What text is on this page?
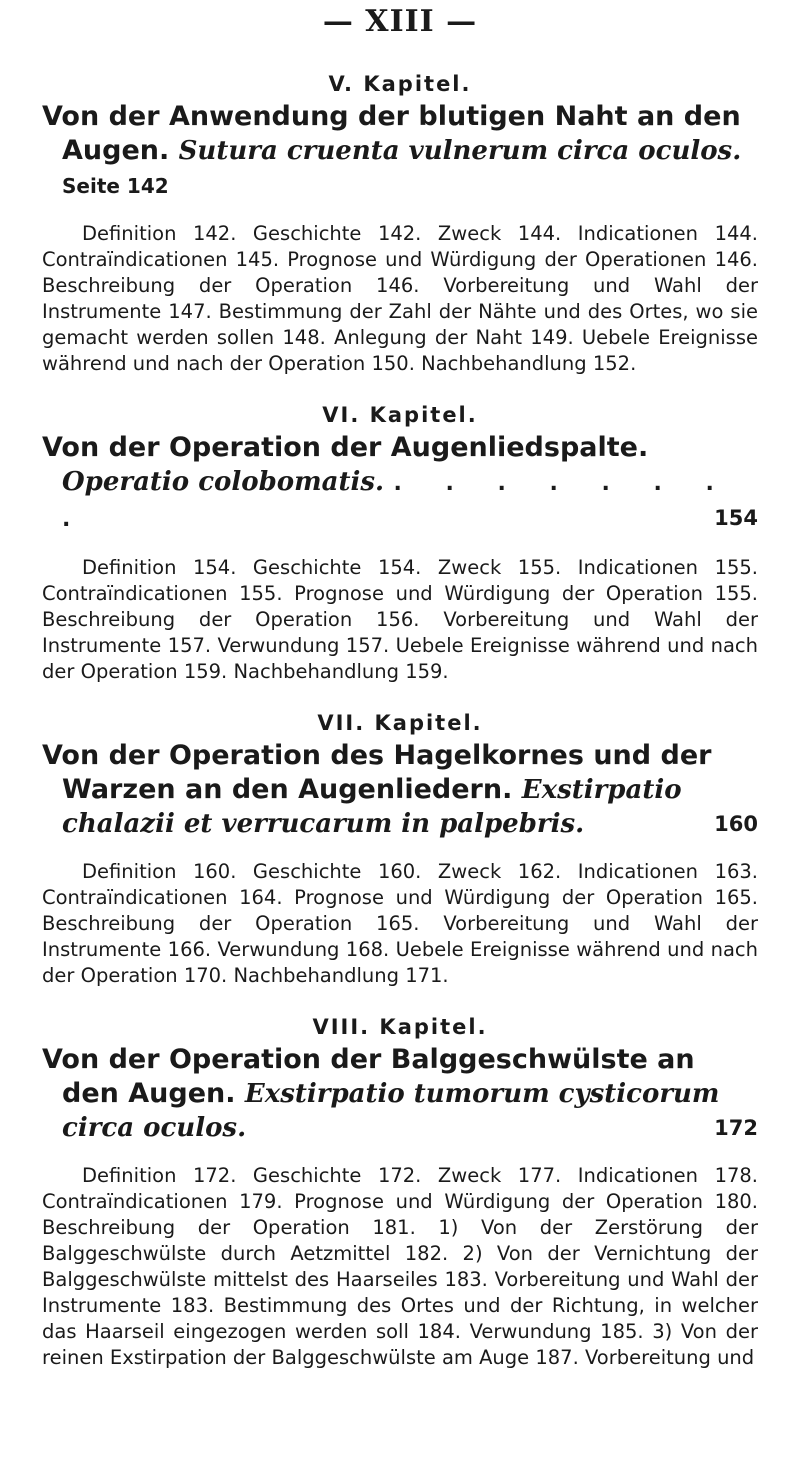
— XIII —
V. Kapitel.

Von der Anwendung der blutigen Naht an den Augen. Sutura cruenta vulnerum circa oculos. Seite 142

Definition 142. Geschichte 142. Zweck 144. Indicationen 144. Contraïndicationen 145. Prognose und Würdigung der Operationen 146. Beschreibung der Operation 146. Vorbereitung und Wahl der Instrumente 147. Bestimmung der Zahl der Nähte und des Ortes, wo sie gemacht werden sollen 148. Anlegung der Naht 149. Uebele Ereignisse während und nach der Operation 150. Nachbehandlung 152.

VI. Kapitel.

Von der Operation der Augenliedspalte. Operatio colobomatis. . . . . . . . .	154

Definition 154. Geschichte 154. Zweck 155. Indicationen 155. Contraïndicationen 155. Prognose und Würdigung der Operation 155. Beschreibung der Operation 156. Vorbereitung und Wahl der Instrumente 157. Verwundung 157. Uebele Ereignisse während und nach der Operation 159. Nachbehandlung 159.

VII. Kapitel.

Von der Operation des Hagelkornes und der Warzen an den Augenliedern. Exstirpatio chalazii et verrucarum in palpebris.	160

Definition 160. Geschichte 160. Zweck 162. Indicationen 163. Contraïndicationen 164. Prognose und Würdigung der Operation 165. Beschreibung der Operation 165. Vorbereitung und Wahl der Instrumente 166. Verwundung 168. Uebele Ereignisse während und nach der Operation 170. Nachbehandlung 171.

VIII. Kapitel.

Von der Operation der Balggeschwülste an den Augen. Exstirpatio tumorum cysticorum circa oculos.	172

Definition 172. Geschichte 172. Zweck 177. Indicationen 178. Contraïndicationen 179. Prognose und Würdigung der Operation 180. Beschreibung der Operation 181. 1) Von der Zerstörung der Balggeschwülste durch Aetzmittel 182. 2) Von der Vernichtung der Balggeschwülste mittelst des Haarseiles 183. Vorbereitung und Wahl der Instrumente 183. Bestimmung des Ortes und der Richtung, in welcher das Haarseil eingezogen werden soll 184. Verwundung 185. 3) Von der reinen Exstirpation der Balggeschwülste am Auge 187. Vorbereitung und
